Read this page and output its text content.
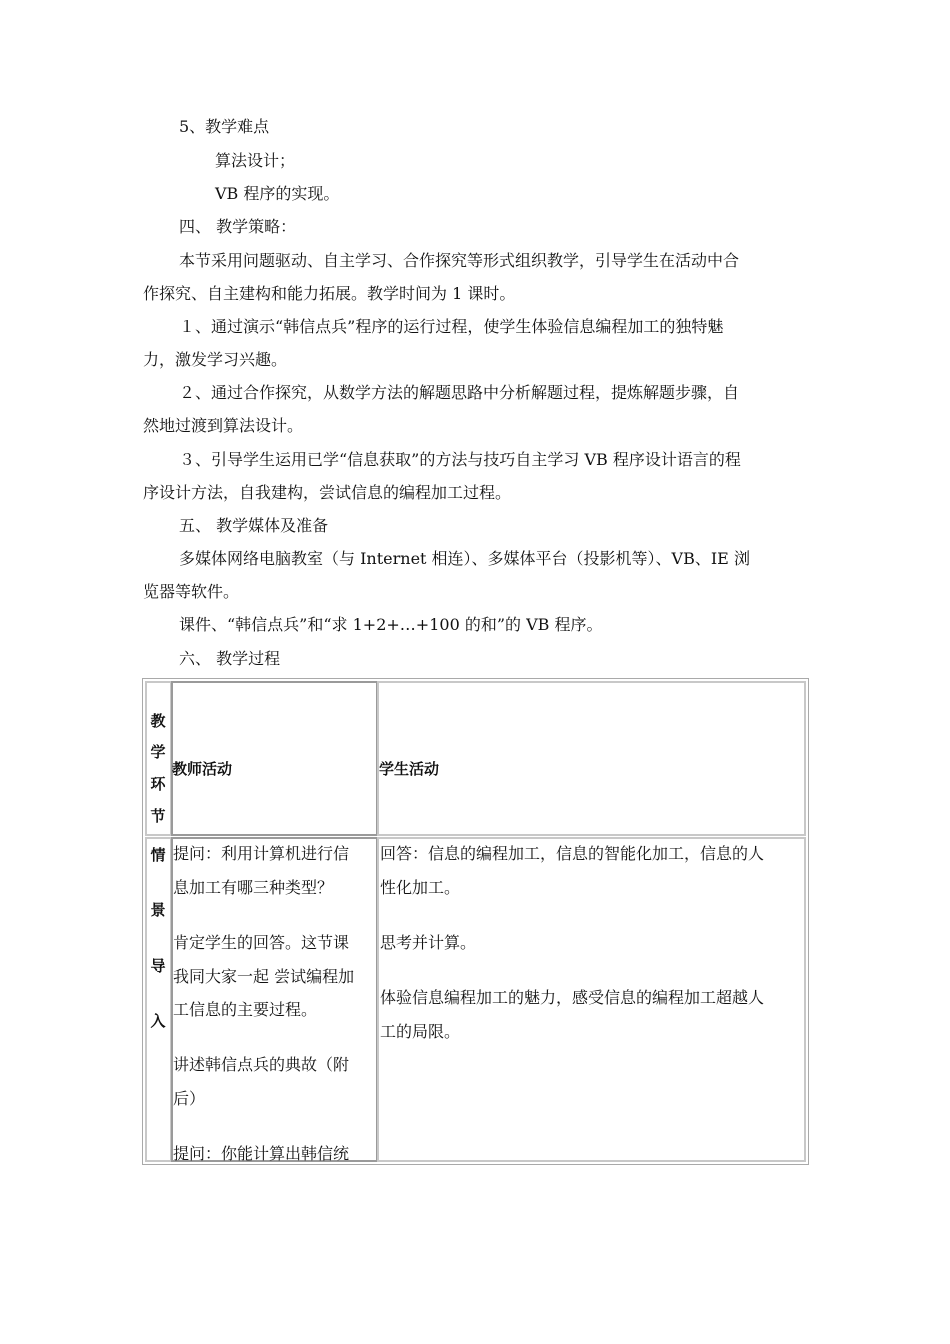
5、教学难点
算法设计；
VB 程序的实现。
四、 教学策略：
本节采用问题驱动、自主学习、合作探究等形式组织教学，引导学生在活动中合
作探究、自主建构和能力拓展。教学时间为 1 课时。
１、通过演示“韩信点兵”程序的运行过程，使学生体验信息编程加工的独特魅
力，激发学习兴趣。
２、通过合作探究，从数学方法的解题思路中分析解题过程，提炼解题步骤，自
然地过渡到算法设计。
３、引导学生运用已学“信息获取”的方法与技巧自主学习 VB 程序设计语言的程
序设计方法，自我建构，尝试信息的编程加工过程。
五、 教学媒体及准备
多媒体网络电脑教室（与 Internet 相连）、多媒体平台（投影机等）、VB、IE 浏
览器等软件。
课件、“韩信点兵”和“求 1+2+…+100 的和”的 VB 程序。
六、 教学过程
教
学
环
节
教师活动	学生活动
情
景
导
入
提问：利用计算机进行信
息加工有哪三种类型？
肯定学生的回答。这节课
我同大家一起 尝试编程加
工信息的主要过程。
讲述韩信点兵的典故（附
后）
提问：你能计算出韩信统
回答：信息的编程加工，信息的智能化加工，信息的人
性化加工。
思考并计算。
体验信息编程加工的魅力，感受信息的编程加工超越人
工的局限。
